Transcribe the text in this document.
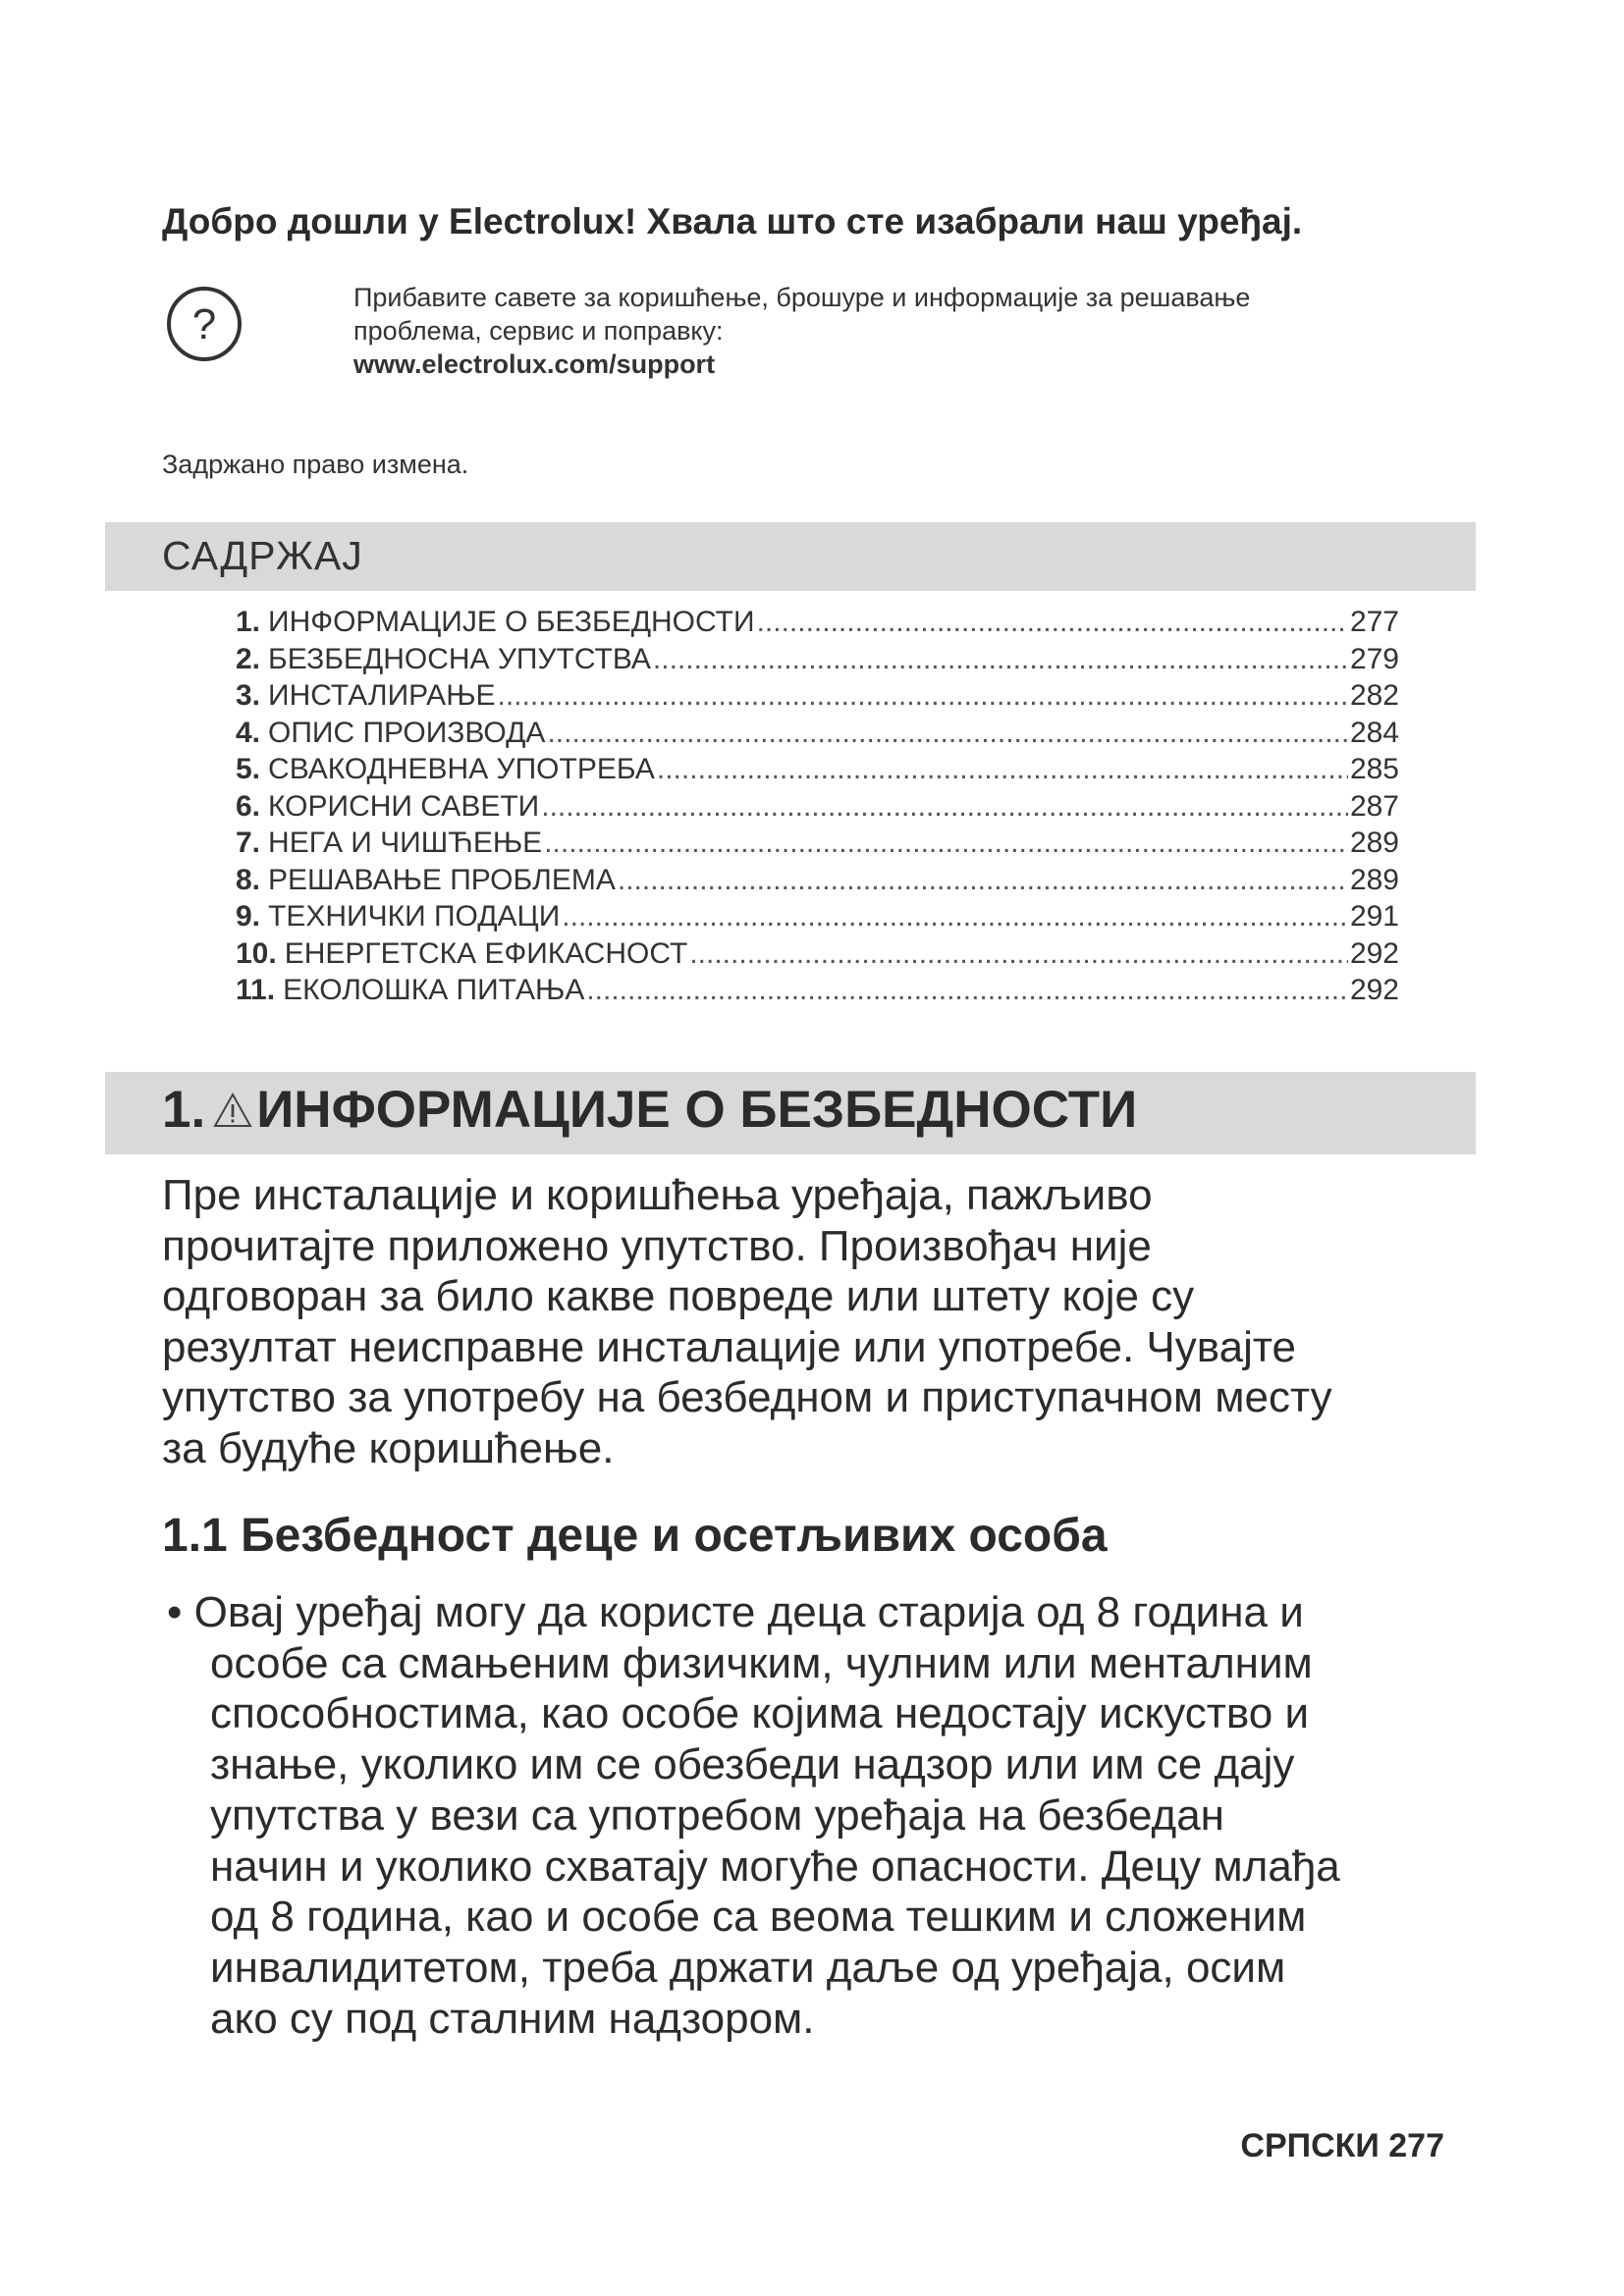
Добро дошли у Electrolux! Хвала што сте изабрали наш уређај.
?
Прибавите савете за коришћење, брошуре и информације за решавање
проблема, сервис и поправку:
www.electrolux.com/support
Задржано право измена.
САДРЖАЈ
1. ИНФОРМАЦИЈЕ О БЕЗБЕДНОСТИ .....	277
2. БЕЗБЕДНОСНА УПУТСТВА .....	279
3. ИНСТАЛИРАЊЕ .....	282
4. ОПИС ПРОИЗВОДА .....	284
5. СВАКОДНЕВНА УПОТРЕБА .....	285
6. КОРИСНИ САВЕТИ .....	287
7. НЕГА И ЧИШЋЕЊЕ .....	289
8. РЕШАВАЊЕ ПРОБЛЕМА .....	289
9. ТЕХНИЧКИ ПОДАЦИ .....	291
10. ЕНЕРГЕТСКА ЕФИКАСНОСТ .....	292
11. ЕКОЛОШКА ПИТАЊА .....	292
1. ИНФОРМАЦИЈЕ О БЕЗБЕДНОСТИ
Пре инсталације и коришћења уређаја, пажљиво
прочитајте приложено упутство. Произвођач није
одговоран за било какве повреде или штету које су
резултат неисправне инсталације или употребе. Чувајте
упутство за употребу на безбедном и приступачном месту
за будуће коришћење.
1.1 Безбедност деце и осетљивих особа
• Овај уређај могу да користе деца старија од 8 година и
особе са смањеним физичким, чулним или менталним
способностима, као особе којима недостају искуство и
знање, уколико им се обезбеди надзор или им се дају
упутства у вези са употребом уређаја на безбедан
начин и уколико схватају могуће опасности. Децу млађа
од 8 година, као и особе са веома тешким и сложеним
инвалидитетом, треба држати даље од уређаја, осим
ако су под сталним надзором.
СРПСКИ 277
